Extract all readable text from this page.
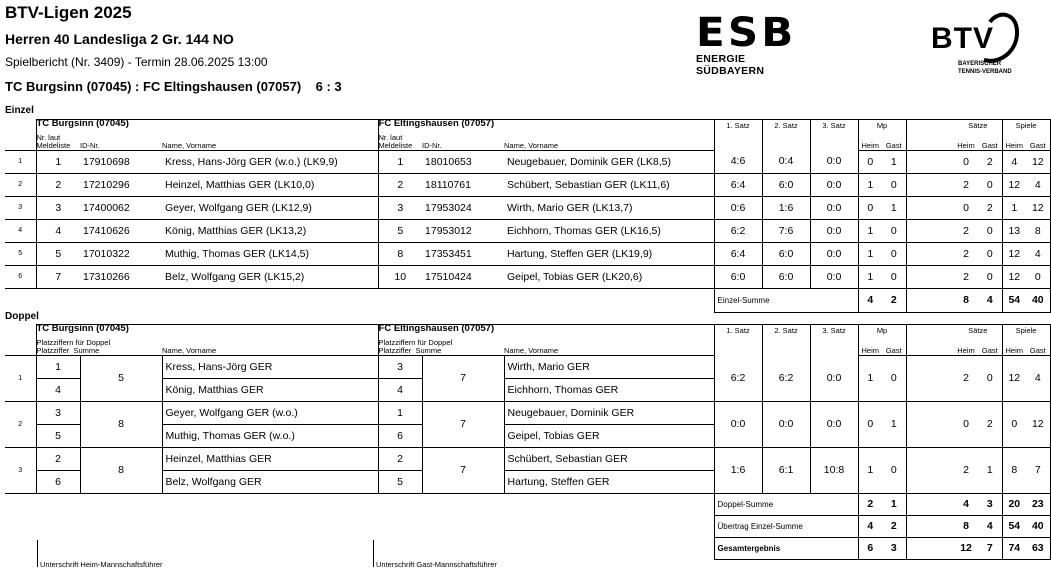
BTV-Ligen 2025
Herren 40 Landesliga 2 Gr. 144 NO
Spielbericht (Nr. 3409) - Termin 28.06.2025 13:00
TC Burgsinn (07045) : FC Eltingshausen (07057)    6 : 3
ESB
ENERGIE SÜDBAYERN
BTV
BAYERISCHER
TENNIS-VERBAND
Einzel
	TC Burgsinn (07045)			FC Eltingshausen (07057)			1. Satz	2. Satz	3. Satz	Mp			Sätze		Spiele	
	Nr. laut Meldeliste	ID-Nr.	Name, Vorname	Nr. laut Meldeliste	ID-Nr.	Name, Vorname				Heim	Gast		Heim	Gast	Heim	Gast
1	1	17910698	Kress, Hans-Jörg GER (w.o.) (LK9,9)	1	18010653	Neugebauer, Dominik GER (LK8,5)	4:6	0:4	0:0	0	1		0	2	4	12
2	2	17210296	Heinzel, Matthias GER (LK10,0)	2	18110761	Schübert, Sebastian GER (LK11,6)	6:4	6:0	0:0	1	0		2	0	12	4
3	3	17400062	Geyer, Wolfgang GER (LK12,9)	3	17953024	Wirth, Mario GER (LK13,7)	0:6	1:6	0:0	0	1		0	2	1	12
4	4	17410626	König, Matthias GER (LK13,2)	5	17953012	Eichhorn, Thomas GER (LK16,5)	6:2	7:6	0:0	1	0		2	0	13	8
5	5	17010322	Muthig, Thomas GER (LK14,5)	8	17353451	Hartung, Steffen GER (LK19,9)	6:4	6:0	0:0	1	0		2	0	12	4
6	7	17310266	Belz, Wolfgang GER (LK15,2)	10	17510424	Geipel, Tobias GER (LK20,6)	6:0	6:0	0:0	1	0		2	0	12	0
							Einzel-Summe			4	2		8	4	54	40
Doppel
	TC Burgsinn (07045)			FC Eltingshausen (07057)			1. Satz	2. Satz	3. Satz	Mp			Sätze		Spiele	
	Platzziffern für Doppel
Platzziffer Summe		Name, Vorname	Platzziffern für Doppel
Platzziffer Summe		Name, Vorname				Heim	Gast		Heim	Gast	Heim	Gast
1	1	5	Kress, Hans-Jörg GER	3	7	Wirth, Mario GER	6:2	6:2	0:0	1	0		2	0	12	4
	4		König, Matthias GER	4		Eichhorn, Thomas GER										
2	3	8	Geyer, Wolfgang GER (w.o.)	1	7	Neugebauer, Dominik GER	0:0	0:0	0:0	0	1		0	2	0	12
	5		Muthig, Thomas GER (w.o.)	6		Geipel, Tobias GER										
3	2	8	Heinzel, Matthias GER	2	7	Schübert, Sebastian GER	1:6	6:1	10:8	1	0		2	1	8	7
	6		Belz, Wolfgang GER	5		Hartung, Steffen GER										
							Doppel-Summe			2	1		4	3	20	23
							Übertrag Einzel-Summe			4	2		8	4	54	40
							Gesamtergebnis			6	3		12	7	74	63
Unterschrift Heim-Mannschaftsführer	Unterschrift Gast-Mannschaftsführer
